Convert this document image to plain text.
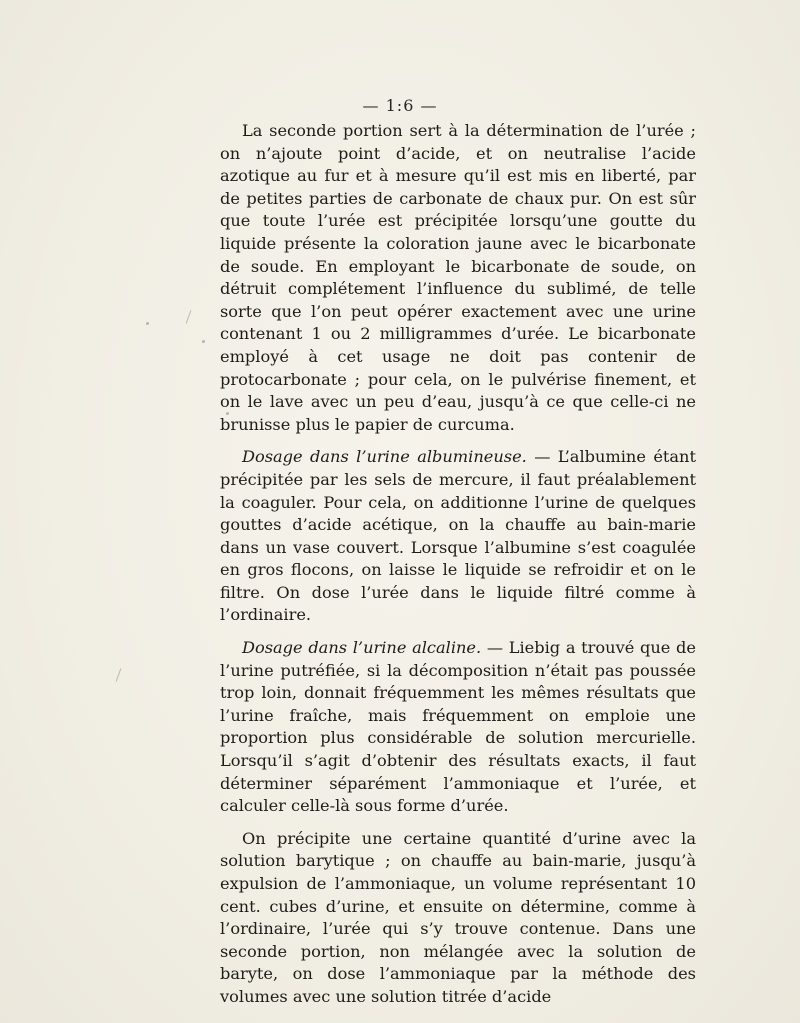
— 1:6 —

La seconde portion sert à la détermination de l’urée ; on n’ajoute point d’acide, et on neutralise l’acide azotique au fur et à mesure qu’il est mis en liberté, par de petites parties de carbonate de chaux pur. On est sûr que toute l’urée est précipitée lorsqu’une goutte du liquide présente la coloration jaune avec le bicarbonate de soude. En employant le bicarbonate de soude, on détruit complétement l’influence du sublimé, de telle sorte que l’on peut opérer exactement avec une urine contenant 1 ou 2 milligrammes d’urée. Le bicarbonate employé à cet usage ne doit pas contenir de protocarbonate ; pour cela, on le pulvérise finement, et on le lave avec un peu d’eau, jusqu’à ce que celle-ci ne brunisse plus le papier de curcuma.

Dosage dans l’urine albumineuse. — L’albumine étant précipitée par les sels de mercure, il faut préalablement la coaguler. Pour cela, on additionne l’urine de quelques gouttes d’acide acétique, on la chauffe au bain-marie dans un vase couvert. Lorsque l’albumine s’est coagulée en gros flocons, on laisse le liquide se refroidir et on le filtre. On dose l’urée dans le liquide filtré comme à l’ordinaire.

Dosage dans l’urine alcaline. — Liebig a trouvé que de l’urine putréfiée, si la décomposition n’était pas poussée trop loin, donnait fréquemment les mêmes résultats que l’urine fraîche, mais fréquemment on emploie une proportion plus considérable de solution mercurielle. Lorsqu’il s’agit d’obtenir des résultats exacts, il faut déterminer séparément l’ammoniaque et l’urée, et calculer celle-là sous forme d’urée.

On précipite une certaine quantité d’urine avec la solution barytique ; on chauffe au bain-marie, jusqu’à expulsion de l’ammoniaque, un volume représentant 10 cent. cubes d’urine, et ensuite on détermine, comme à l’ordinaire, l’urée qui s’y trouve contenue. Dans une seconde portion, non mélangée avec la solution de baryte, on dose l’ammoniaque par la méthode des volumes avec une solution titrée d’acide
